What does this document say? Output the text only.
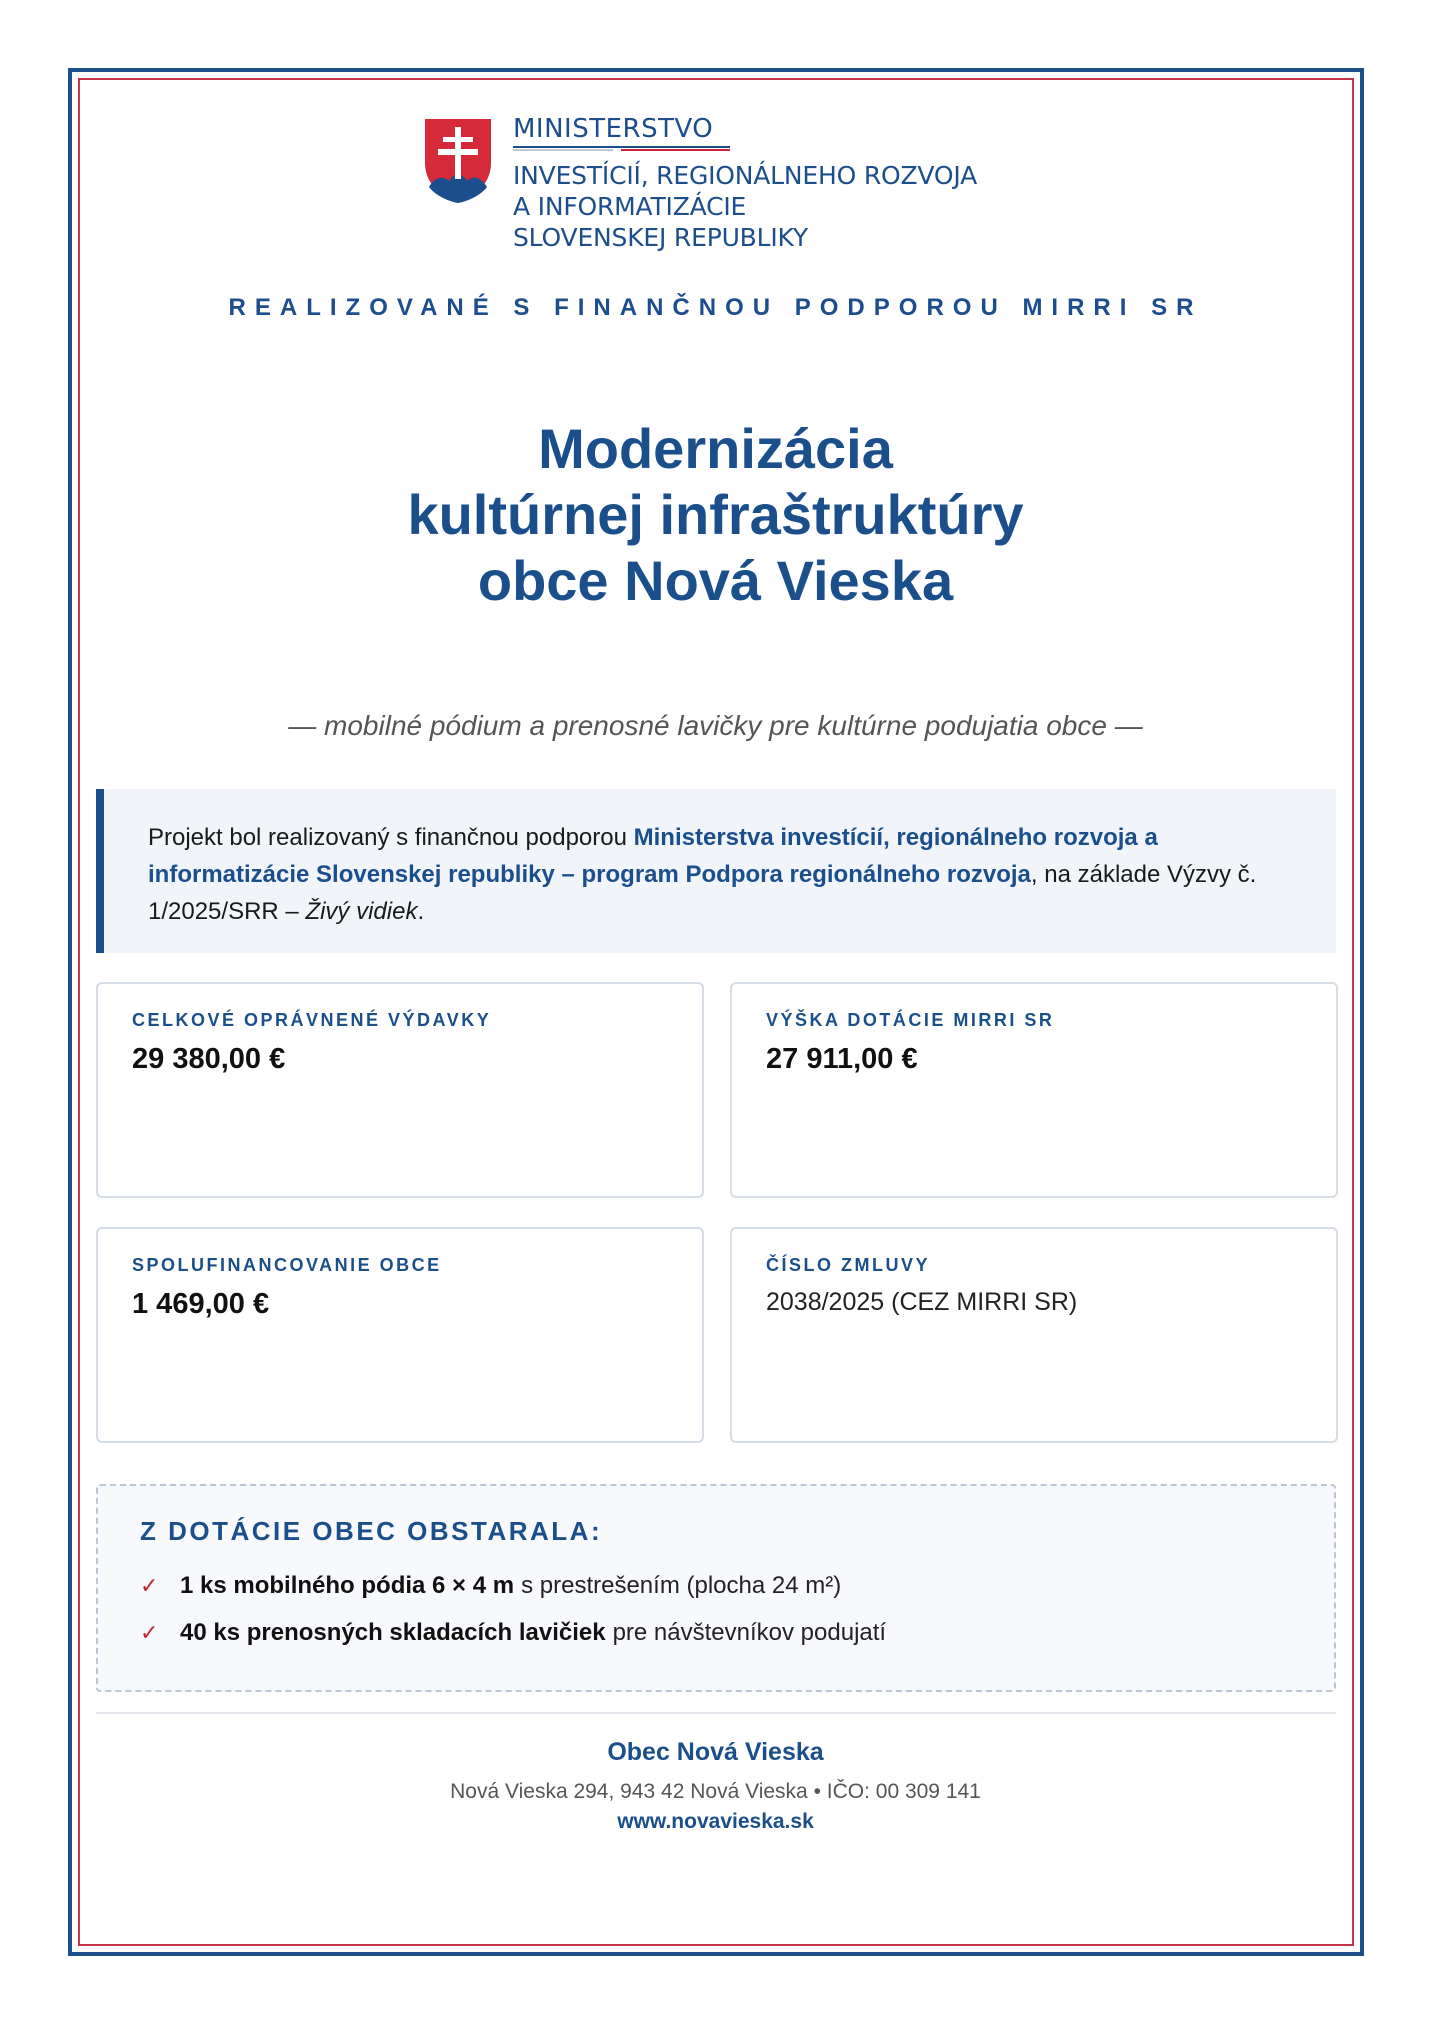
MINISTERSTVO
INVESTÍCIÍ, REGIONÁLNEHO ROZVOJA
A INFORMATIZÁCIE
SLOVENSKEJ REPUBLIKY
REALIZOVANÉ S FINANČNOU PODPOROU MIRRI SR
Modernizácia
kultúrnej infraštruktúry
obce Nová Vieska
— mobilné pódium a prenosné lavičky pre kultúrne podujatia obce —
Projekt bol realizovaný s finančnou podporou Ministerstva investícií, regionálneho rozvoja a informatizácie Slovenskej republiky – program Podpora regionálneho rozvoja, na základe Výzvy č. 1/2025/SRR – Živý vidiek.
CELKOVÉ OPRÁVNENÉ VÝDAVKY
29 380,00 €
VÝŠKA DOTÁCIE MIRRI SR
27 911,00 €
SPOLUFINANCOVANIE OBCE
1 469,00 €
ČÍSLO ZMLUVY
2038/2025 (CEZ MIRRI SR)
Z DOTÁCIE OBEC OBSTARALA:
✓ 1 ks mobilného pódia 6 × 4 m s prestrešením (plocha 24 m²)
✓ 40 ks prenosných skladacích lavičiek pre návštevníkov podujatí
Obec Nová Vieska
Nová Vieska 294, 943 42 Nová Vieska • IČO: 00 309 141
www.novavieska.sk
